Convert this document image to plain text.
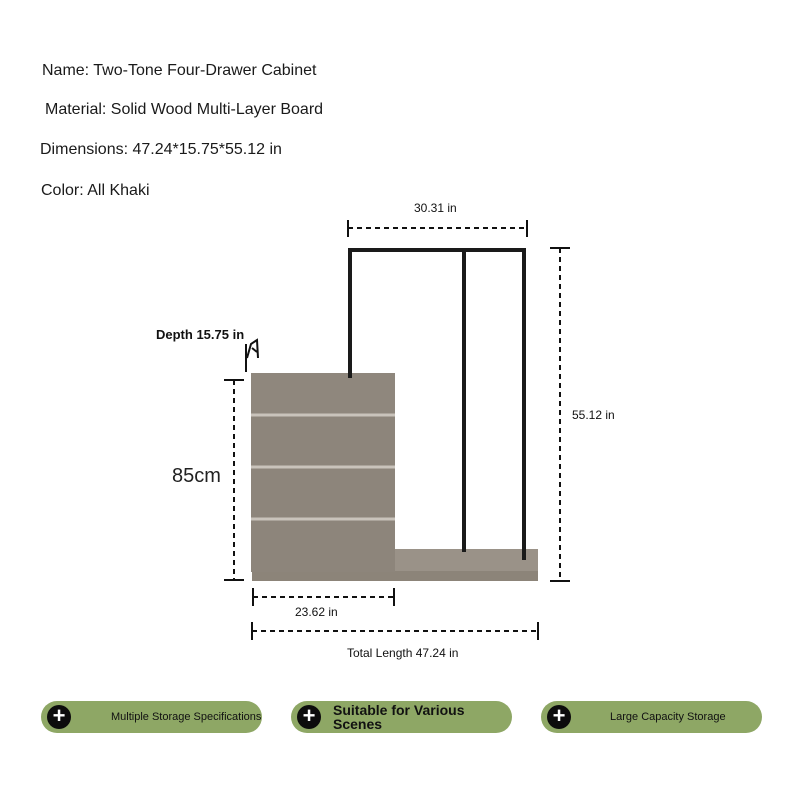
Name: Two-Tone Four-Drawer Cabinet
Material: Solid Wood Multi-Layer Board
Dimensions: 47.24*15.75*55.12 in
Color: All Khaki
30.31 in
Depth 15.75 in
55.12 in
85cm
23.62 in
Total Length 47.24 in
+	Multiple Storage Specifications + Suitable for Various Scenes	+	Large Capacity Storage
